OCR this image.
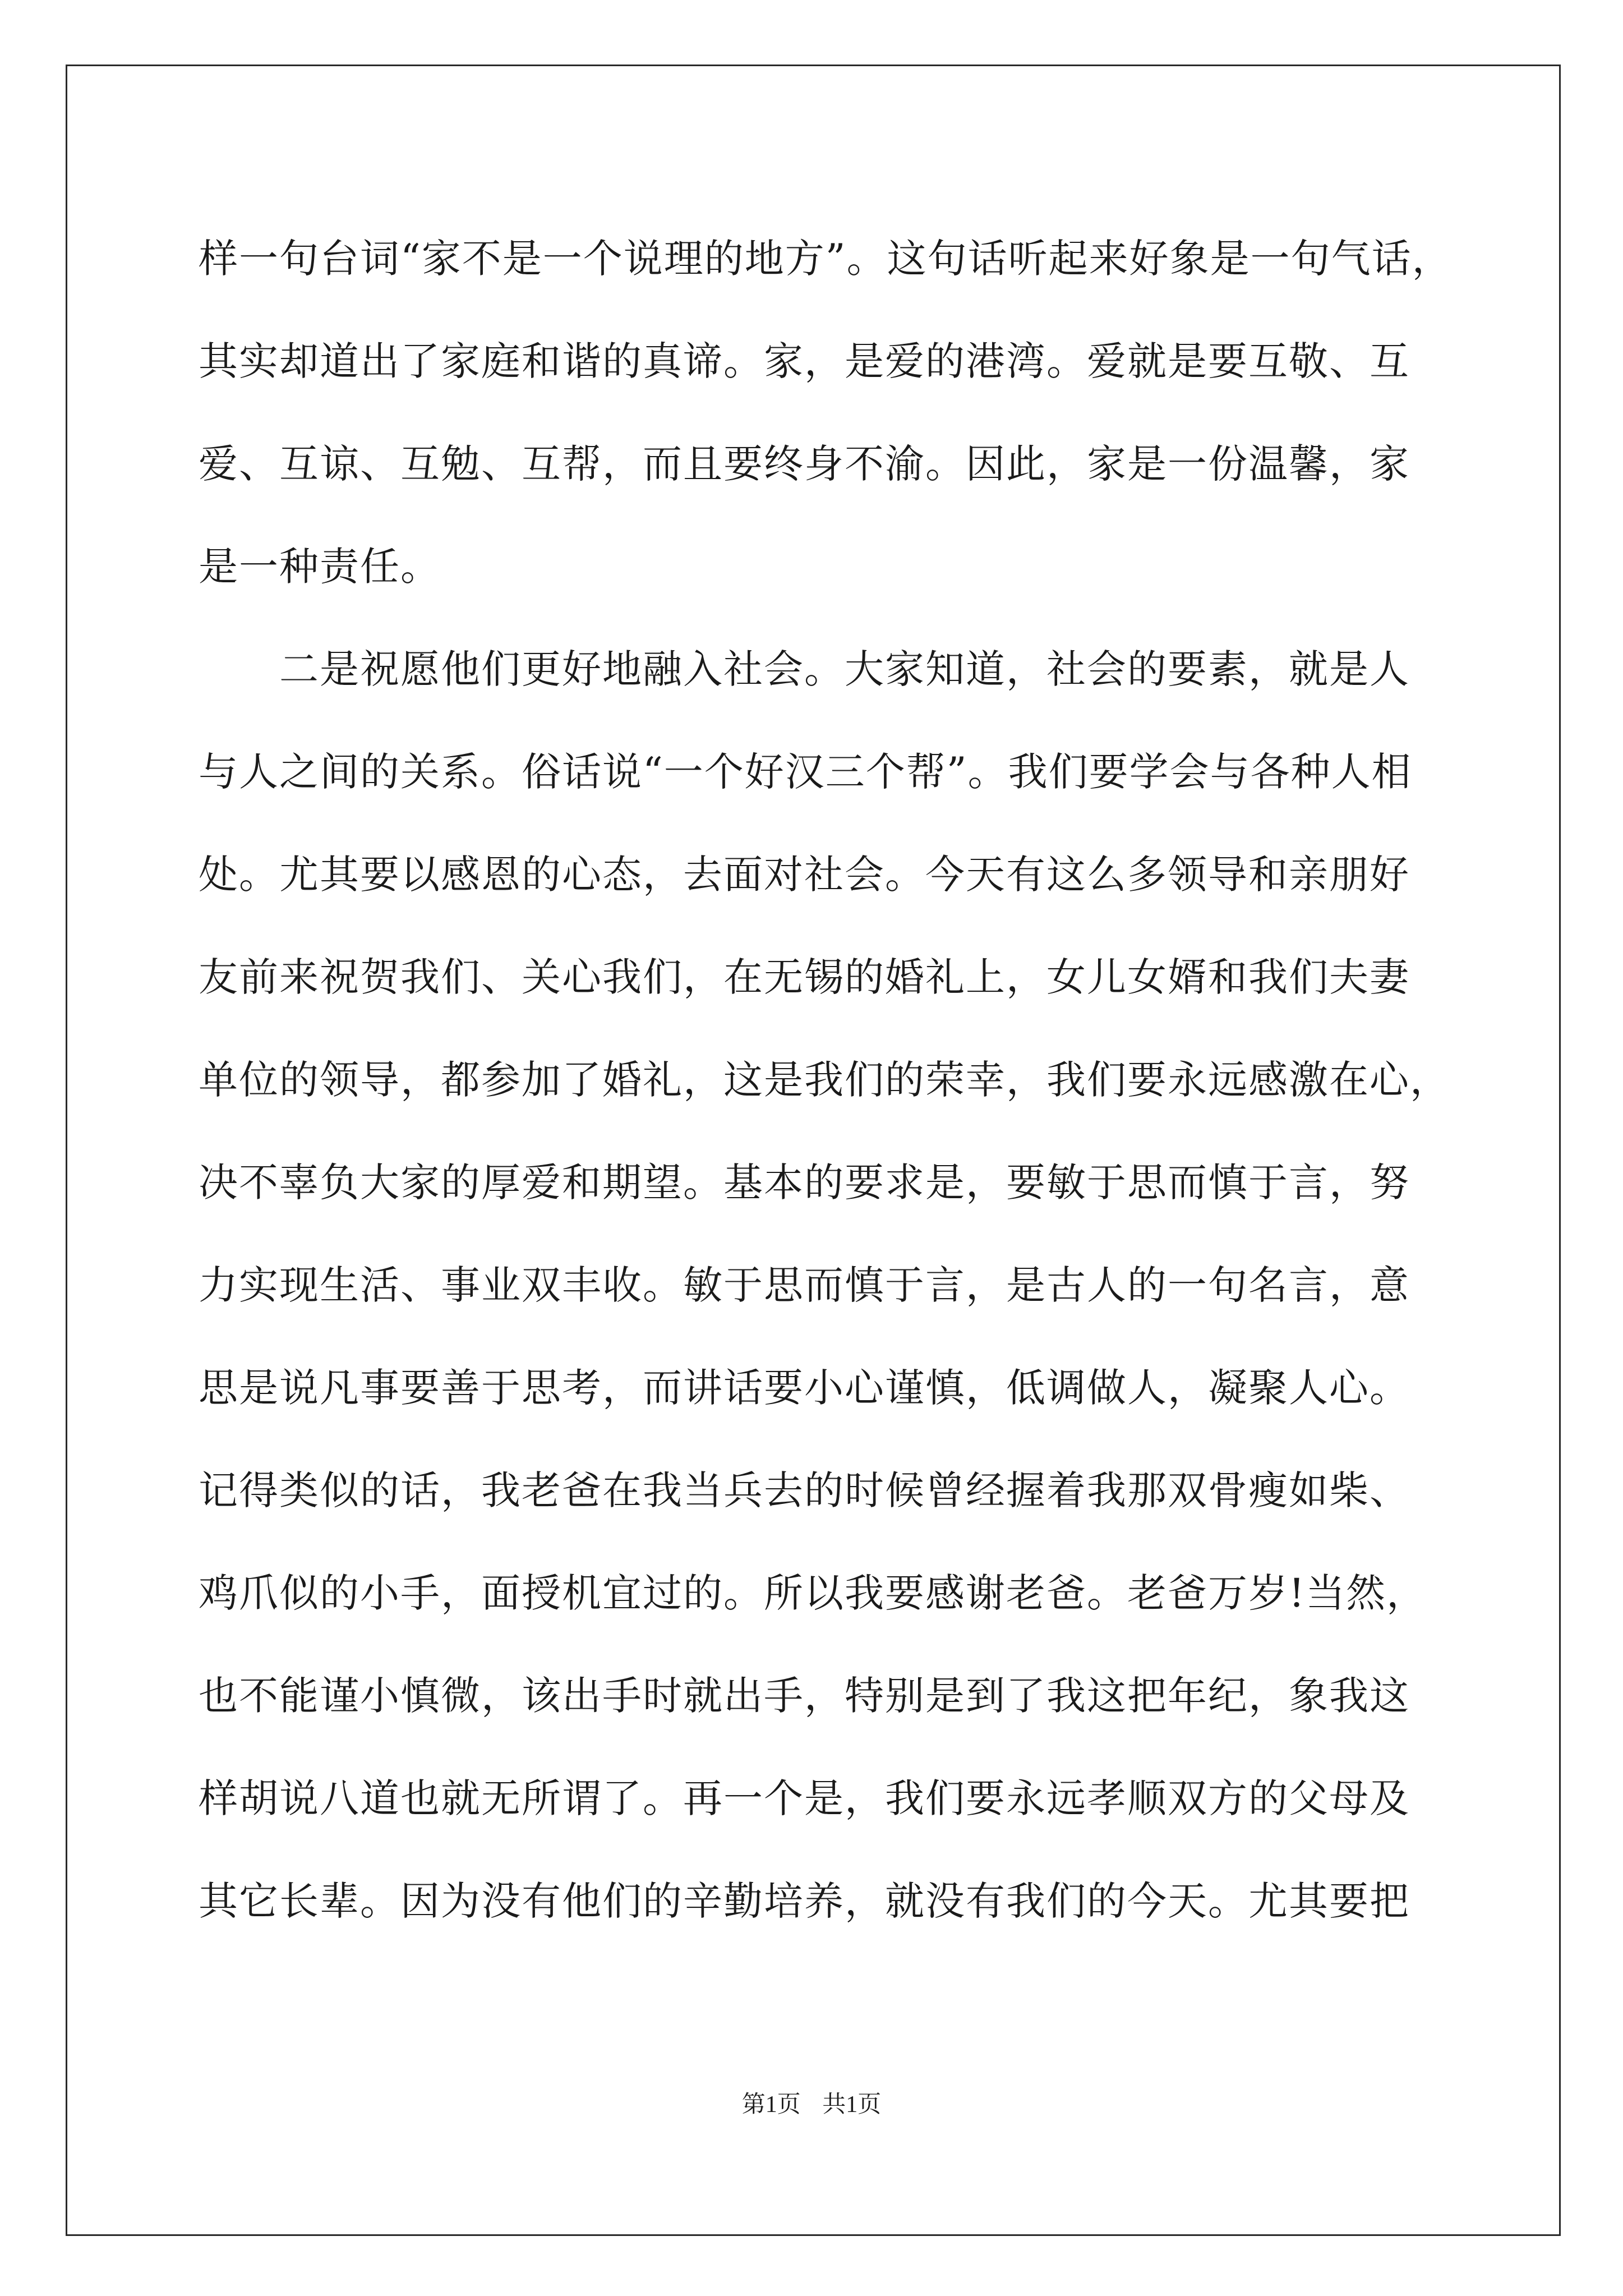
样一句台词“家不是一个说理的地方”。这句话听起来好象是一句气话，
其实却道出了家庭和谐的真谛。家，是爱的港湾。爱就是要互敬、互
爱、互谅、互勉、互帮，而且要终身不渝。因此，家是一份温馨，家
是一种责任。
　　二是祝愿他们更好地融入社会。大家知道，社会的要素，就是人
与人之间的关系。俗话说“一个好汉三个帮”。我们要学会与各种人相
处。尤其要以感恩的心态，去面对社会。今天有这么多领导和亲朋好
友前来祝贺我们、关心我们，在无锡的婚礼上，女儿女婿和我们夫妻
单位的领导，都参加了婚礼，这是我们的荣幸，我们要永远感激在心，
决不辜负大家的厚爱和期望。基本的要求是，要敏于思而慎于言，努
力实现生活、事业双丰收。敏于思而慎于言，是古人的一句名言，意
思是说凡事要善于思考，而讲话要小心谨慎，低调做人，凝聚人心。
记得类似的话，我老爸在我当兵去的时候曾经握着我那双骨瘦如柴、
鸡爪似的小手，面授机宜过的。所以我要感谢老爸。老爸万岁!当然，
也不能谨小慎微，该出手时就出手，特别是到了我这把年纪，象我这
样胡说八道也就无所谓了。再一个是，我们要永远孝顺双方的父母及
其它长辈。因为没有他们的辛勤培养，就没有我们的今天。尤其要把
第1页 共1页
